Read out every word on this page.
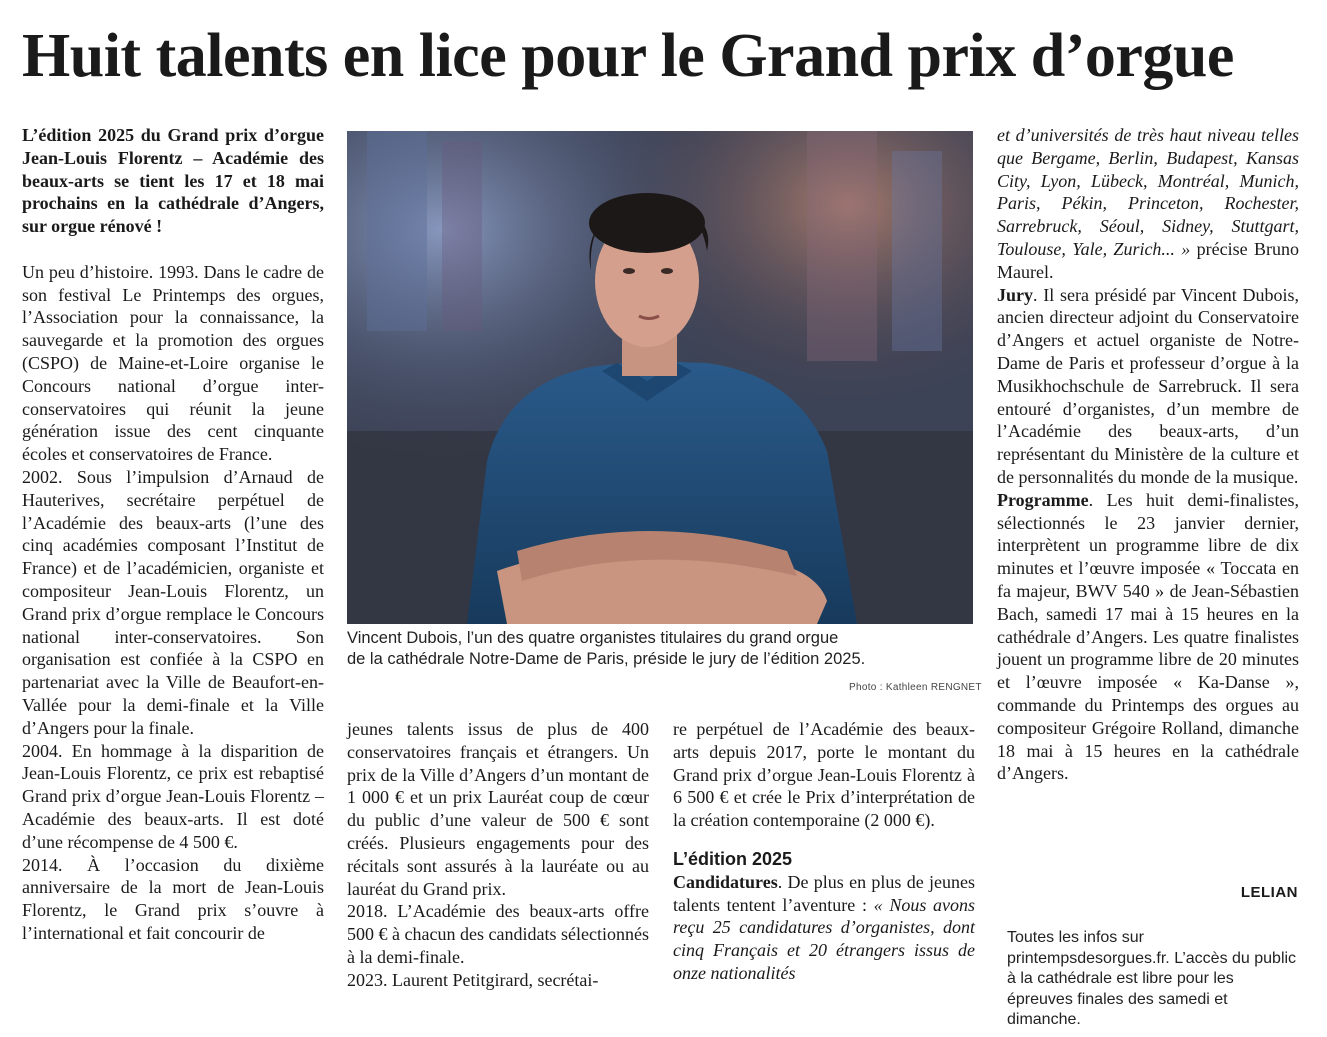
Huit talents en lice pour le Grand prix d’orgue

L’édition 2025 du Grand prix d’orgue Jean-Louis Florentz – Académie des beaux-arts se tient les 17 et 18 mai prochains en la cathédrale d’Angers, sur orgue rénové !

Un peu d’histoire. 1993. Dans le cadre de son festival Le Printemps des orgues, l’Association pour la connaissance, la sauvegarde et la promotion des orgues (CSPO) de Maine-et-Loire organise le Concours national d’orgue inter-conservatoires qui réunit la jeune génération issue des cent cinquante écoles et conservatoires de France.

2002. Sous l’impulsion d’Arnaud de Hauterives, secrétaire perpétuel de l’Académie des beaux-arts (l’une des cinq académies composant l’Institut de France) et de l’académicien, organiste et compositeur Jean-Louis Florentz, un Grand prix d’orgue remplace le Concours national inter-conservatoires. Son organisation est confiée à la CSPO en partenariat avec la Ville de Beaufort-en-Vallée pour la demi-finale et la Ville d’Angers pour la finale.

2004. En hommage à la disparition de Jean-Louis Florentz, ce prix est rebaptisé Grand prix d’orgue Jean-Louis Florentz – Académie des beaux-arts. Il est doté d’une récompense de 4 500 €.

2014. À l’occasion du dixième anniversaire de la mort de Jean-Louis Florentz, le Grand prix s’ouvre à l’international et fait concourir de

Vincent Dubois, l’un des quatre organistes titulaires du grand orgue
de la cathédrale Notre-Dame de Paris, préside le jury de l’édition 2025.
Photo : Kathleen RENGNET

jeunes talents issus de plus de 400 conservatoires français et étrangers. Un prix de la Ville d’Angers d’un montant de 1 000 € et un prix Lauréat coup de cœur du public d’une valeur de 500 € sont créés. Plusieurs engagements pour des récitals sont assurés à la lauréate ou au lauréat du Grand prix.

2018. L’Académie des beaux-arts offre 500 € à chacun des candidats sélectionnés à la demi-finale.

2023. Laurent Petitgirard, secrétai-

re perpétuel de l’Académie des beaux-arts depuis 2017, porte le montant du Grand prix d’orgue Jean-Louis Florentz à 6 500 € et crée le Prix d’interprétation de la création contemporaine (2 000 €).

L’édition 2025

Candidatures. De plus en plus de jeunes talents tentent l’aventure : « Nous avons reçu 25 candidatures d’organistes, dont cinq Français et 20 étrangers issus de onze nationalités

et d’universités de très haut niveau telles que Bergame, Berlin, Budapest, Kansas City, Lyon, Lübeck, Montréal, Munich, Paris, Pékin, Princeton, Rochester, Sarrebruck, Séoul, Sidney, Stuttgart, Toulouse, Yale, Zurich... » précise Bruno Maurel.

Jury. Il sera présidé par Vincent Dubois, ancien directeur adjoint du Conservatoire d’Angers et actuel organiste de Notre-Dame de Paris et professeur d’orgue à la Musikhochschule de Sarrebruck. Il sera entouré d’organistes, d’un membre de l’Académie des beaux-arts, d’un représentant du Ministère de la culture et de personnalités du monde de la musique.

Programme. Les huit demi-finalistes, sélectionnés le 23 janvier dernier, interprètent un programme libre de dix minutes et l’œuvre imposée « Toccata en fa majeur, BWV 540 » de Jean-Sébastien Bach, samedi 17 mai à 15 heures en la cathédrale d’Angers. Les quatre finalistes jouent un programme libre de 20 minutes et l’œuvre imposée « Ka-Danse », commande du Printemps des orgues au compositeur Grégoire Rolland, dimanche 18 mai à 15 heures en la cathédrale d’Angers.

LELIAN
Toutes les infos sur printempsdesorgues.fr. L’accès du public à la cathédrale est libre pour les épreuves finales des samedi et dimanche.
